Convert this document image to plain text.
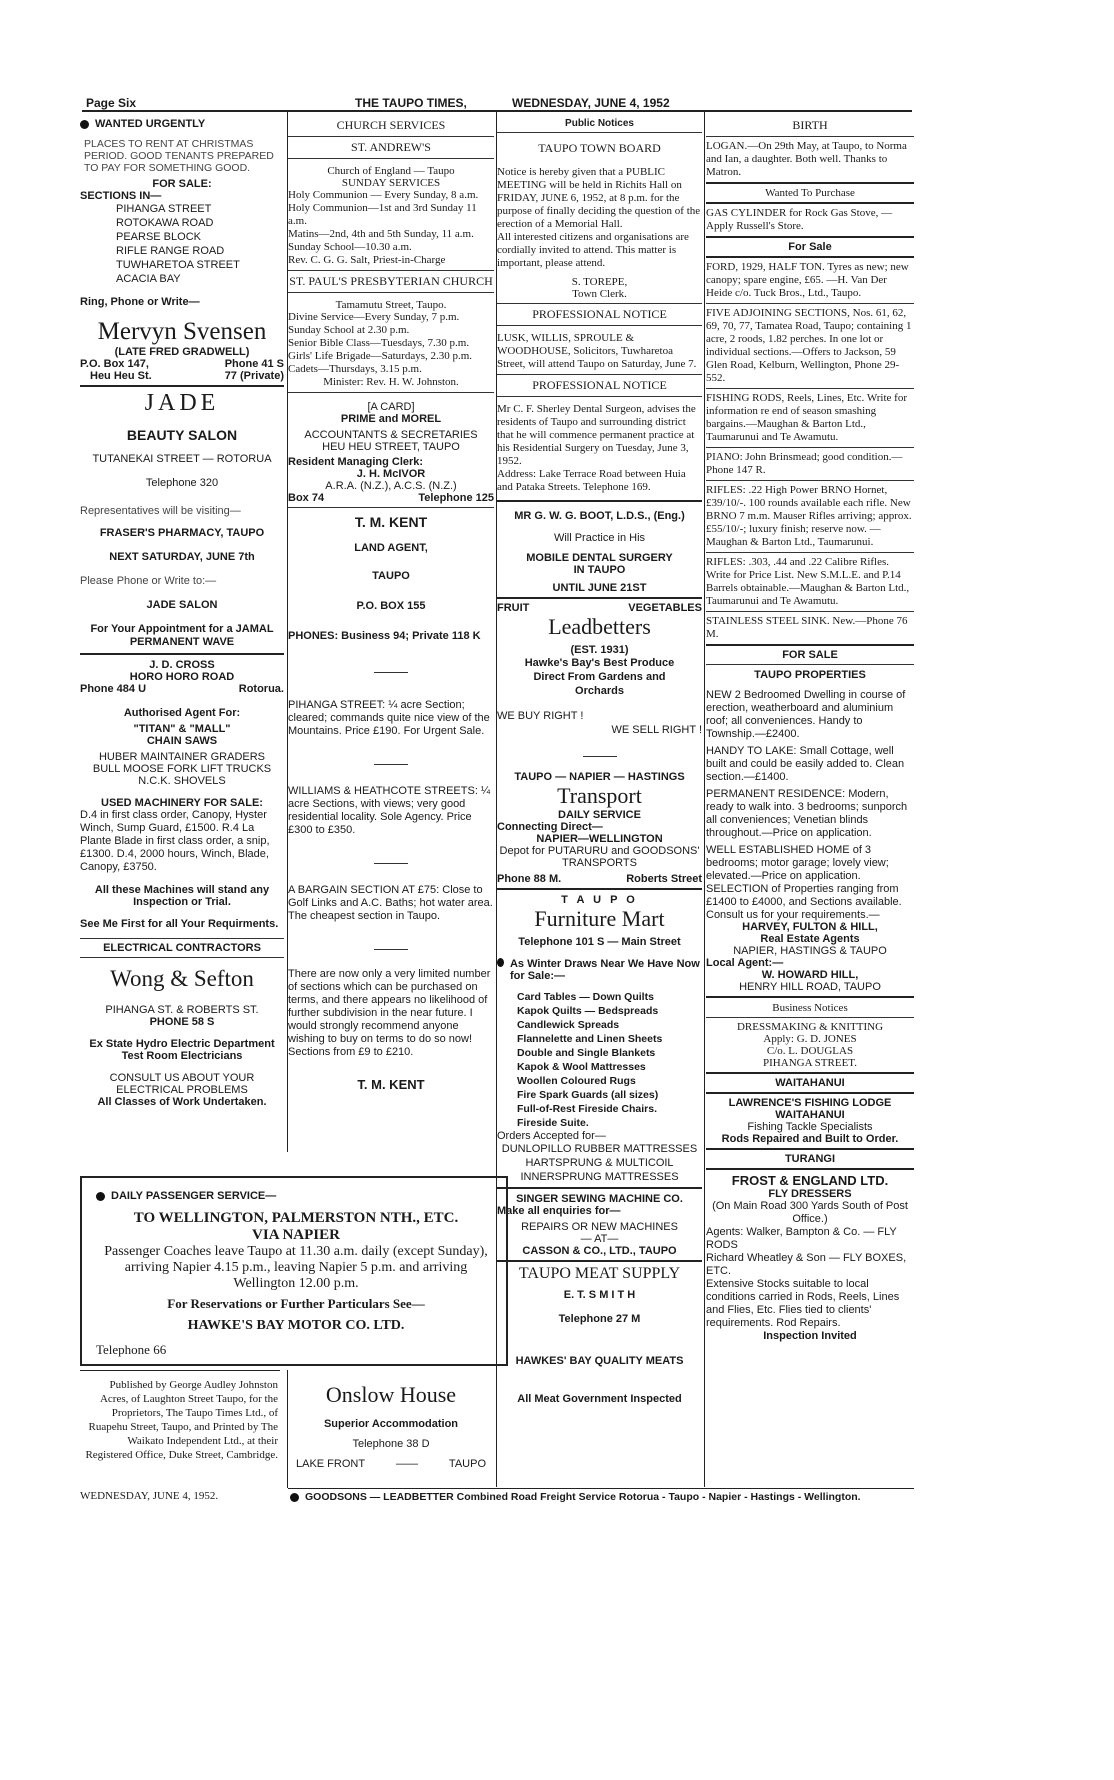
Page Six	THE TAUPO TIMES,	WEDNESDAY, JUNE 4, 1952
WANTED URGENTLY
PLACES TO RENT AT CHRISTMAS PERIOD. GOOD TENANTS PREPARED TO PAY FOR SOMETHING GOOD.
FOR SALE:
SECTIONS IN—
PIHANGA STREET
ROTOKAWA ROAD
PEARSE BLOCK
RIFLE RANGE ROAD
TUWHARETOA STREET
ACACIA BAY
Ring, Phone or Write—
Mervyn Svensen
(LATE FRED GRADWELL)
P.O. Box 147,	Phone 41 S
Heu Heu St.	77 (Private)
JADE
BEAUTY SALON
TUTANEKAI STREET — ROTORUA
Telephone 320
Representatives will be visiting—
FRASER'S PHARMACY, TAUPO
NEXT SATURDAY, JUNE 7th
Please Phone or Write to:—
JADE SALON
For Your Appointment for a JAMAL PERMANENT WAVE
J. D. CROSS
HORO HORO ROAD
Phone 484 U	Rotorua.
Authorised Agent For:
"TITAN" & "MALL"
CHAIN SAWS
HUBER MAINTAINER GRADERS
BULL MOOSE FORK LIFT TRUCKS
N.C.K. SHOVELS
USED MACHINERY FOR SALE:
D.4 in first class order, Canopy, Hyster Winch, Sump Guard, £1500. R.4 La Plante Blade in first class order, a snip, £1300. D.4, 2000 hours, Winch, Blade, Canopy, £3750.
All these Machines will stand any Inspection or Trial.
See Me First for all Your Requirments.
ELECTRICAL CONTRACTORS
Wong & Sefton
PIHANGA ST. & ROBERTS ST.
PHONE 58 S
Ex State Hydro Electric Department Test Room Electricians
CONSULT US ABOUT YOUR ELECTRICAL PROBLEMS
All Classes of Work Undertaken.
CHURCH SERVICES
ST. ANDREW'S
Church of England — Taupo
SUNDAY SERVICES
Holy Communion — Every Sunday, 8 a.m.
Holy Communion—1st and 3rd Sunday 11 a.m.
Matins—2nd, 4th and 5th Sunday, 11 a.m.
Sunday School—10.30 a.m.
Rev. C. G. G. Salt, Priest-in-Charge
ST. PAUL'S PRESBYTERIAN CHURCH
Tamamutu Street, Taupo.
Divine Service—Every Sunday, 7 p.m.
Sunday School at 2.30 p.m.
Senior Bible Class—Tuesdays, 7.30 p.m.
Girls' Life Brigade—Saturdays, 2.30 p.m.
Cadets—Thursdays, 3.15 p.m.
Minister: Rev. H. W. Johnston.
[A CARD]
PRIME and MOREL
ACCOUNTANTS & SECRETARIES
HEU HEU STREET, TAUPO
Resident Managing Clerk:
J. H. McIVOR
A.R.A. (N.Z.), A.C.S. (N.Z.)
Box 74	Telephone 125
T. M. KENT
LAND AGENT,
TAUPO
P.O. BOX 155
PHONES: Business 94; Private 118 K
PIHANGA STREET: ¼ acre Section; cleared; commands quite nice view of the Mountains. Price £190. For Urgent Sale.
WILLIAMS & HEATHCOTE STREETS: ¼ acre Sections, with views; very good residential locality. Sole Agency. Price £300 to £350.
A BARGAIN SECTION AT £75: Close to Golf Links and A.C. Baths; hot water area. The cheapest section in Taupo.
There are now only a very limited number of sections which can be purchased on terms, and there appears no likelihood of further subdivision in the near future. I would strongly recommend anyone wishing to buy on terms to do so now! Sections from £9 to £210.
T. M. KENT
Public Notices
TAUPO TOWN BOARD
Notice is hereby given that a PUBLIC MEETING will be held in Richits Hall on FRIDAY, JUNE 6, 1952, at 8 p.m. for the purpose of finally deciding the question of the erection of a Memorial Hall.
All interested citizens and organisations are cordially invited to attend. This matter is important, please attend.
S. TOREPE,
Town Clerk.
PROFESSIONAL NOTICE
LUSK, WILLIS, SPROULE & WOODHOUSE, Solicitors, Tuwharetoa Street, will attend Taupo on Saturday, June 7.
PROFESSIONAL NOTICE
Mr C. F. Sherley Dental Surgeon, advises the residents of Taupo and surrounding district that he will commence permanent practice at his Residential Surgery on Tuesday, June 3, 1952.
Address: Lake Terrace Road between Huia and Pataka Streets. Telephone 169.
MR G. W. G. BOOT, L.D.S., (Eng.)
Will Practice in His
MOBILE DENTAL SURGERY
IN TAUPO
UNTIL JUNE 21ST
FRUIT	VEGETABLES
Leadbetters
(EST. 1931)
Hawke's Bay's Best Produce Direct From Gardens and Orchards
WE BUY RIGHT !
WE SELL RIGHT !
TAUPO — NAPIER — HASTINGS
Transport
DAILY SERVICE
Connecting Direct—
NAPIER—WELLINGTON
Depot for PUTARURU and GOODSONS' TRANSPORTS
Phone 88 M.	Roberts Street
T A U P O
Furniture Mart
Telephone 101 S — Main Street
As Winter Draws Near We Have Now for Sale:—
Card Tables — Down Quilts
Kapok Quilts — Bedspreads
Candlewick Spreads
Flannelette and Linen Sheets
Double and Single Blankets
Kapok & Wool Mattresses
Woollen Coloured Rugs
Fire Spark Guards (all sizes)
Full-of-Rest Fireside Chairs.
Fireside Suite.
Orders Accepted for—
DUNLOPILLO RUBBER MATTRESSES
HARTSPRUNG & MULTICOIL
INNERSPRUNG MATTRESSES
SINGER SEWING MACHINE CO.
Make all enquiries for—
REPAIRS OR NEW MACHINES
— AT—
CASSON & CO., LTD., TAUPO
TAUPO MEAT SUPPLY
E. T. S M I T H
Telephone 27 M
HAWKES' BAY QUALITY MEATS
All Meat Government Inspected
BIRTH
LOGAN.—On 29th May, at Taupo, to Norma and Ian, a daughter. Both well. Thanks to Matron.
Wanted To Purchase
GAS CYLINDER for Rock Gas Stove, —Apply Russell's Store.
For Sale
FORD, 1929, HALF TON. Tyres as new; new canopy; spare engine, £65. —H. Van Der Heide c/o. Tuck Bros., Ltd., Taupo.
FIVE ADJOINING SECTIONS, Nos. 61, 62, 69, 70, 77, Tamatea Road, Taupo; containing 1 acre, 2 roods, 1.82 perches. In one lot or individual sections.—Offers to Jackson, 59 Glen Road, Kelburn, Wellington, Phone 29-552.
FISHING RODS, Reels, Lines, Etc. Write for information re end of season smashing bargains.—Maughan & Barton Ltd., Taumarunui and Te Awamutu.
PIANO: John Brinsmead; good condition.—Phone 147 R.
RIFLES: .22 High Power BRNO Hornet, £39/10/-. 100 rounds available each rifle. New BRNO 7 m.m. Mauser Rifles arriving; approx. £55/10/-; luxury finish; reserve now. —Maughan & Barton Ltd., Taumarunui.
RIFLES: .303, .44 and .22 Calibre Rifles. Write for Price List. New S.M.L.E. and P.14 Barrels obtainable.—Maughan & Barton Ltd., Taumarunui and Te Awamutu.
STAINLESS STEEL SINK. New.—Phone 76 M.
FOR SALE
TAUPO PROPERTIES
NEW 2 Bedroomed Dwelling in course of erection, weatherboard and aluminium roof; all conveniences. Handy to Township.—£2400.
HANDY TO LAKE: Small Cottage, well built and could be easily added to. Clean section.—£1400.
PERMANENT RESIDENCE: Modern, ready to walk into. 3 bedrooms; sunporch all conveniences; Venetian blinds throughout.—Price on application.
WELL ESTABLISHED HOME of 3 bedrooms; motor garage; lovely view; elevated.—Price on application.
SELECTION of Properties ranging from £1400 to £4000, and Sections available.
Consult us for your requirements.—
HARVEY, FULTON & HILL,
Real Estate Agents
NAPIER, HASTINGS & TAUPO
Local Agent:—
W. HOWARD HILL,
HENRY HILL ROAD, TAUPO
Business Notices
DRESSMAKING & KNITTING
Apply: G. D. JONES
C/o. L. DOUGLAS
PIHANGA STREET.
WAITAHANUI
LAWRENCE'S FISHING LODGE
WAITAHANUI
Fishing Tackle Specialists
Rods Repaired and Built to Order.
TURANGI
FROST & ENGLAND LTD.
FLY DRESSERS
(On Main Road 300 Yards South of Post Office.)
Agents: Walker, Bampton & Co. — FLY RODS
Richard Wheatley & Son — FLY BOXES, ETC.
Extensive Stocks suitable to local conditions carried in Rods, Reels, Lines and Flies, Etc. Flies tied to clients' requirements. Rod Repairs.
Inspection Invited
DAILY PASSENGER SERVICE—
TO WELLINGTON, PALMERSTON NTH., ETC.
VIA NAPIER
Passenger Coaches leave Taupo at 11.30 a.m. daily (except Sunday), arriving Napier 4.15 p.m., leaving Napier 5 p.m. and arriving Wellington 12.00 p.m.
For Reservations or Further Particulars See—
HAWKE'S BAY MOTOR CO. LTD.
Telephone 66
Published by George Audley Johnston Acres, of Laughton Street Taupo, for the Proprietors, The Taupo Times Ltd., of Ruapehu Street, Taupo, and Printed by The Waikato Independent Ltd., at their Registered Office, Duke Street, Cambridge.
WEDNESDAY, JUNE 4, 1952.
Onslow House
Superior Accommodation
Telephone 38 D
LAKE FRONT	——	TAUPO
GOODSONS — LEADBETTER Combined Road Freight Service Rotorua - Taupo - Napier - Hastings - Wellington.
